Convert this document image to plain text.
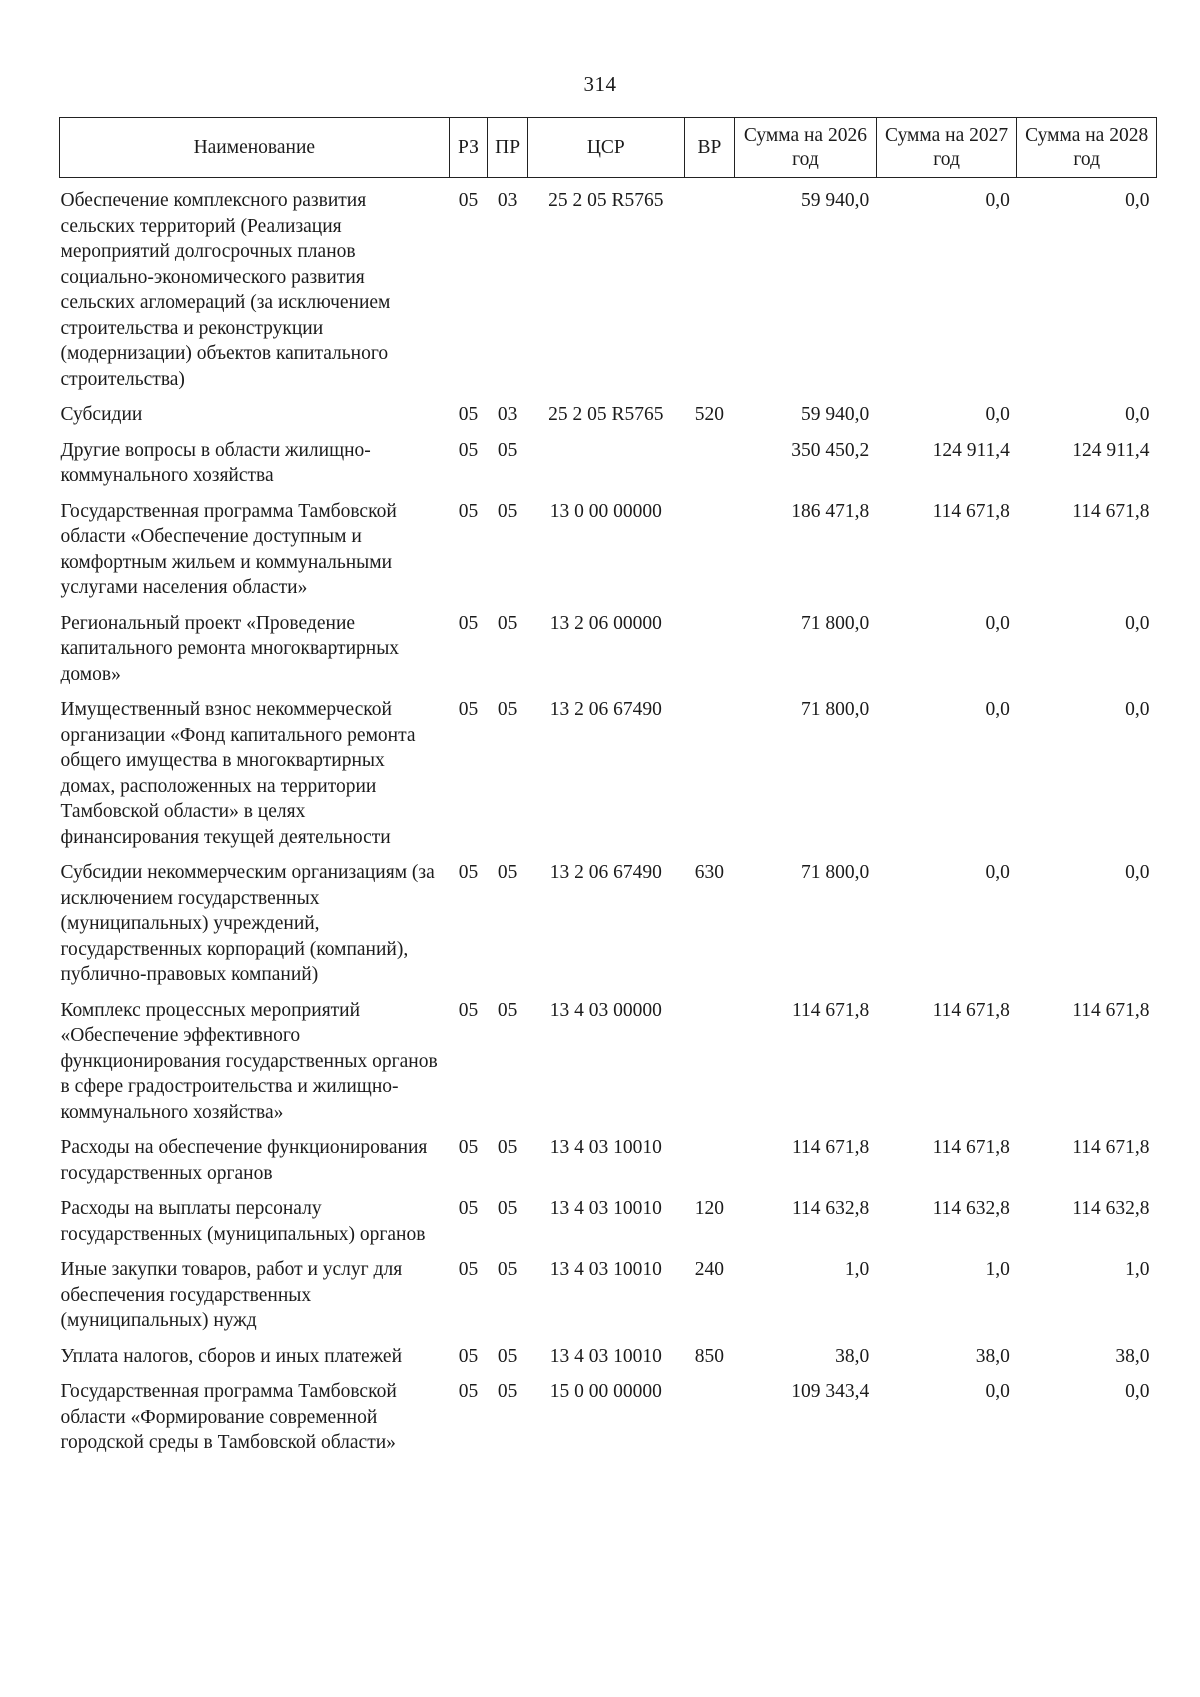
314
Наименование	РЗ	ПР	ЦСР	ВР	Сумма на 2026 год	Сумма на 2027 год	Сумма на 2028 год
Обеспечение комплексного развития сельских территорий (Реализация мероприятий долгосрочных планов социально-экономического развития сельских агломераций (за исключением строительства и реконструкции (модернизации) объектов капитального строительства)	05	03	25 2 05 R5765		59 940,0	0,0	0,0
Субсидии	05	03	25 2 05 R5765	520	59 940,0	0,0	0,0
Другие вопросы в области жилищно-коммунального хозяйства	05	05			350 450,2	124 911,4	124 911,4
Государственная программа Тамбовской области «Обеспечение доступным и комфортным жильем и коммунальными услугами населения области»	05	05	13 0 00 00000		186 471,8	114 671,8	114 671,8
Региональный проект «Проведение капитального ремонта многоквартирных домов»	05	05	13 2 06 00000		71 800,0	0,0	0,0
Имущественный взнос некоммерческой организации «Фонд капитального ремонта общего имущества в многоквартирных домах, расположенных на территории Тамбовской области» в целях финансирования текущей деятельности	05	05	13 2 06 67490		71 800,0	0,0	0,0
Субсидии некоммерческим организациям (за исключением государственных (муниципальных) учреждений, государственных корпораций (компаний), публично-правовых компаний)	05	05	13 2 06 67490	630	71 800,0	0,0	0,0
Комплекс процессных мероприятий «Обеспечение эффективного функционирования государственных органов в сфере градостроительства и жилищно-коммунального хозяйства»	05	05	13 4 03 00000		114 671,8	114 671,8	114 671,8
Расходы на обеспечение функционирования государственных органов	05	05	13 4 03 10010		114 671,8	114 671,8	114 671,8
Расходы на выплаты персоналу государственных (муниципальных) органов	05	05	13 4 03 10010	120	114 632,8	114 632,8	114 632,8
Иные закупки товаров, работ и услуг для обеспечения государственных (муниципальных) нужд	05	05	13 4 03 10010	240	1,0	1,0	1,0
Уплата налогов, сборов и иных платежей	05	05	13 4 03 10010	850	38,0	38,0	38,0
Государственная программа Тамбовской области «Формирование современной городской среды в Тамбовской области»	05	05	15 0 00 00000		109 343,4	0,0	0,0
